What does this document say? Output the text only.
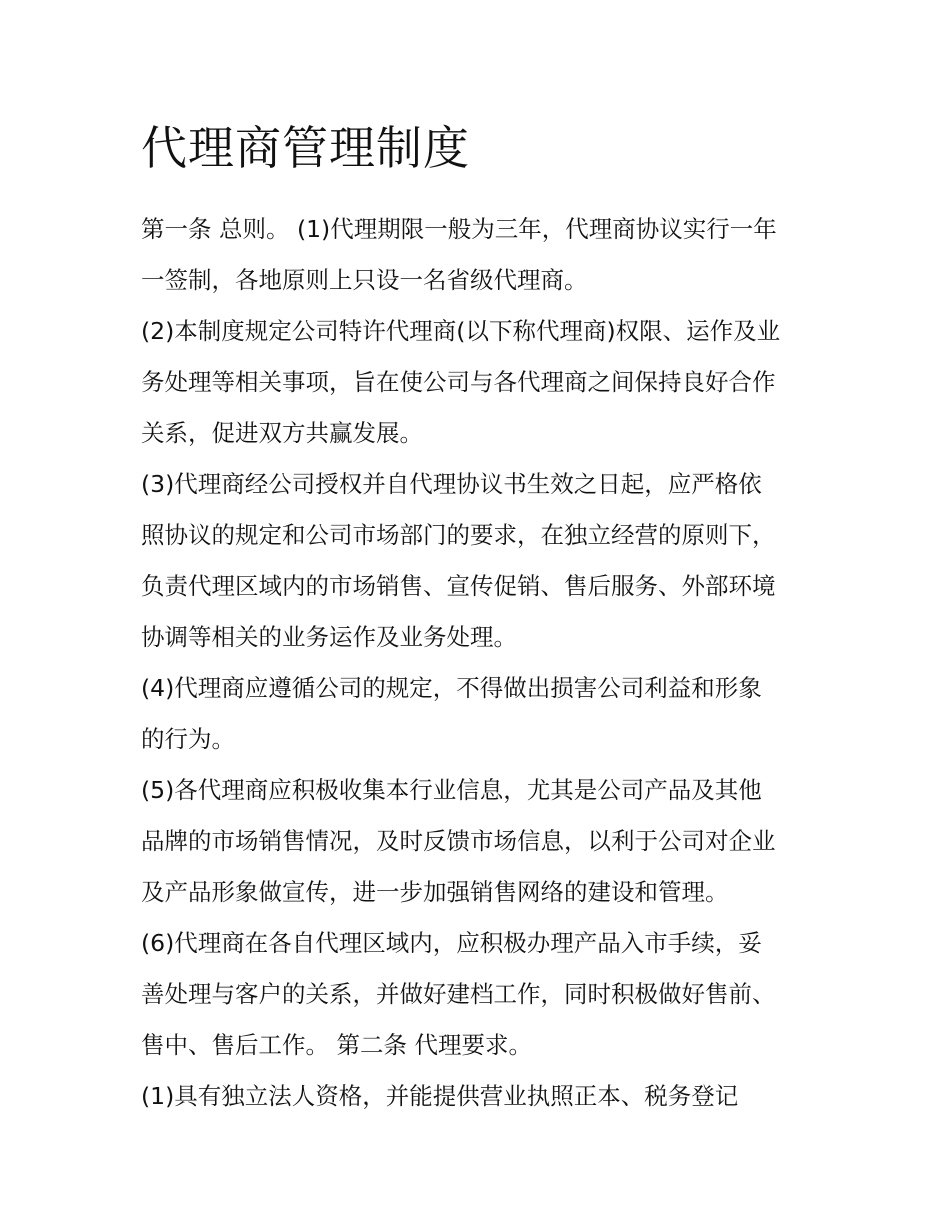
代理商管理制度

第一条 总则。 (1)代理期限一般为三年，代理商协议实行一年
一签制，各地原则上只设一名省级代理商。

(2)本制度规定公司特许代理商(以下称代理商)权限、运作及业
务处理等相关事项，旨在使公司与各代理商之间保持良好合作
关系，促进双方共赢发展。

(3)代理商经公司授权并自代理协议书生效之日起，应严格依
照协议的规定和公司市场部门的要求，在独立经营的原则下，
负责代理区域内的市场销售、宣传促销、售后服务、外部环境
协调等相关的业务运作及业务处理。

(4)代理商应遵循公司的规定，不得做出损害公司利益和形象
的行为。

(5)各代理商应积极收集本行业信息，尤其是公司产品及其他
品牌的市场销售情况，及时反馈市场信息，以利于公司对企业
及产品形象做宣传，进一步加强销售网络的建设和管理。

(6)代理商在各自代理区域内，应积极办理产品入市手续，妥
善处理与客户的关系，并做好建档工作，同时积极做好售前、
售中、售后工作。 第二条 代理要求。

(1)具有独立法人资格，并能提供营业执照正本、税务登记
